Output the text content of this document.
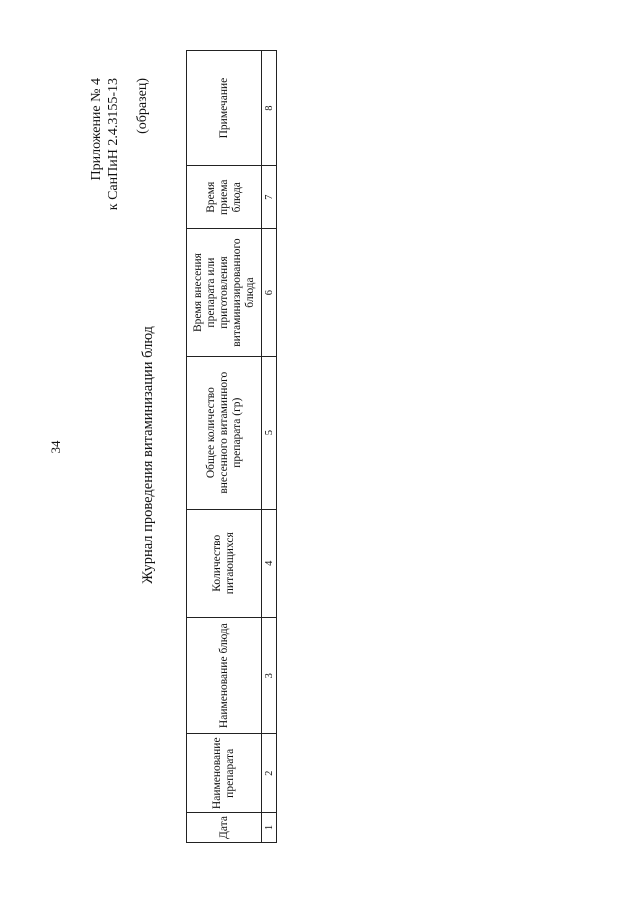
34
Приложение № 4 к СанПиН 2.4.3155-13 (образец)
Журнал проведения витаминизации блюд
Дата	Наименование препарата	Наименование блюда	Количество питающихся	Общее количество внесенного витаминного препарата (гр)	Время внесения препарата или приготовления витаминизированного блюда	Время приема блюда	Примечание
1	2	3	4	5	6	7	8
